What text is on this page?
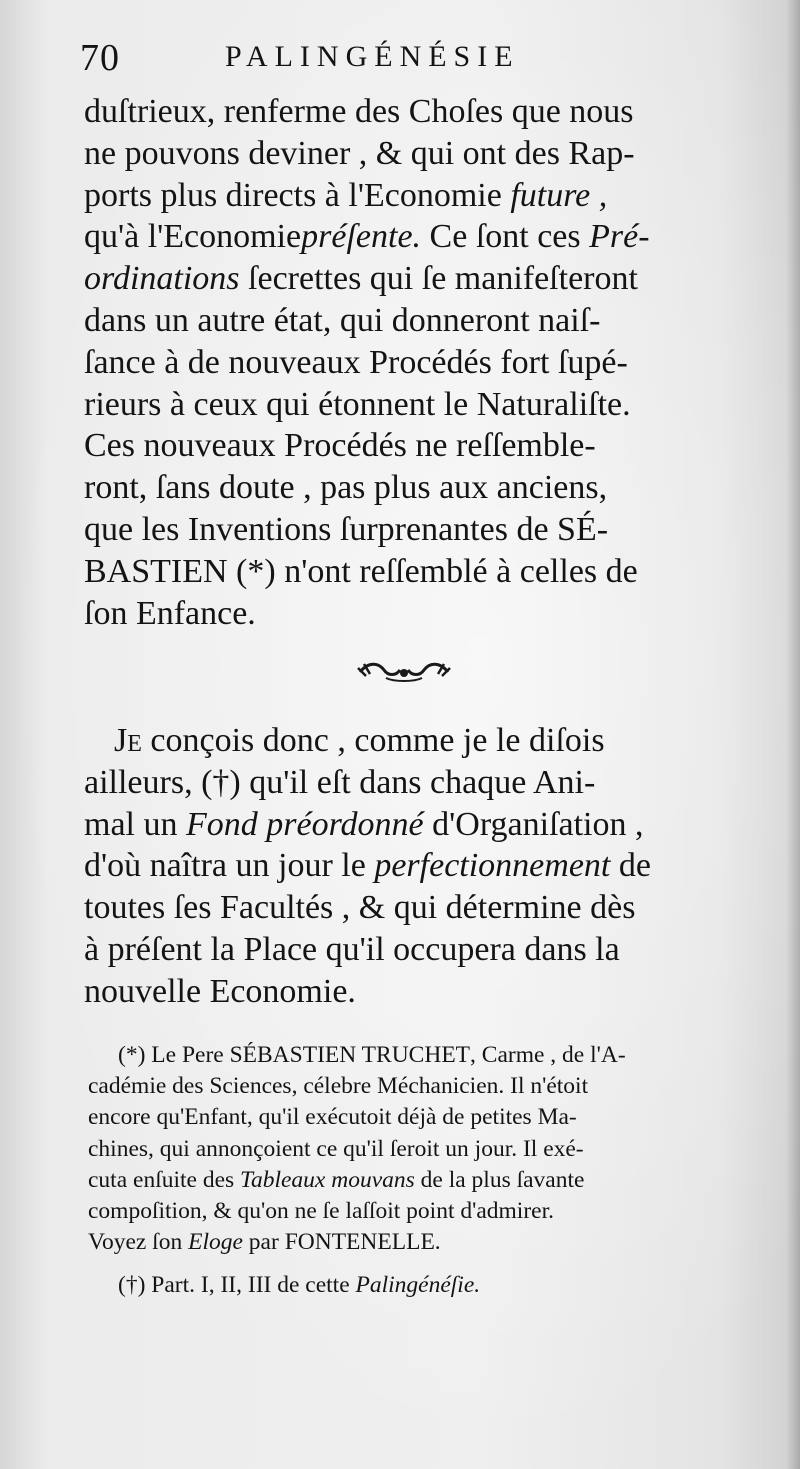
70	PALINGÉNÉSIE
duſtrieux, renferme des Choſes que nous
ne pouvons deviner , & qui ont des Rap-
ports plus directs à l'Economie future ,
qu'à l'Economiepréſente. Ce ſont ces Pré-
ordinations ſecrettes qui ſe manifeſteront
dans un autre état, qui donneront naiſ-
ſance à de nouveaux Procédés fort ſupé-
rieurs à ceux qui étonnent le Naturaliſte.
Ces nouveaux Procédés ne reſſemble-
ront, ſans doute , pas plus aux anciens,
que les Inventions ſurprenantes de SÉ-
BASTIEN (*) n'ont reſſemblé à celles de
ſon Enfance.
Je conçois donc , comme je le diſois
ailleurs, (†) qu'il eſt dans chaque Ani-
mal un Fond préordonné d'Organiſation ,
d'où naîtra un jour le perfectionnement de
toutes ſes Facultés , & qui détermine dès
à préſent la Place qu'il occupera dans la
nouvelle Economie.
(*) Le Pere SÉBASTIEN TRUCHET, Carme , de l'A-
cadémie des Sciences, célebre Méchanicien. Il n'étoit
encore qu'Enfant, qu'il exécutoit déjà de petites Ma-
chines, qui annonçoient ce qu'il ſeroit un jour. Il exé-
cuta enſuite des Tableaux mouvans de la plus ſavante
compoſition, & qu'on ne ſe laſſoit point d'admirer.
Voyez ſon Eloge par FONTENELLE.
(†) Part. I, II, III de cette Palingénéſie.
